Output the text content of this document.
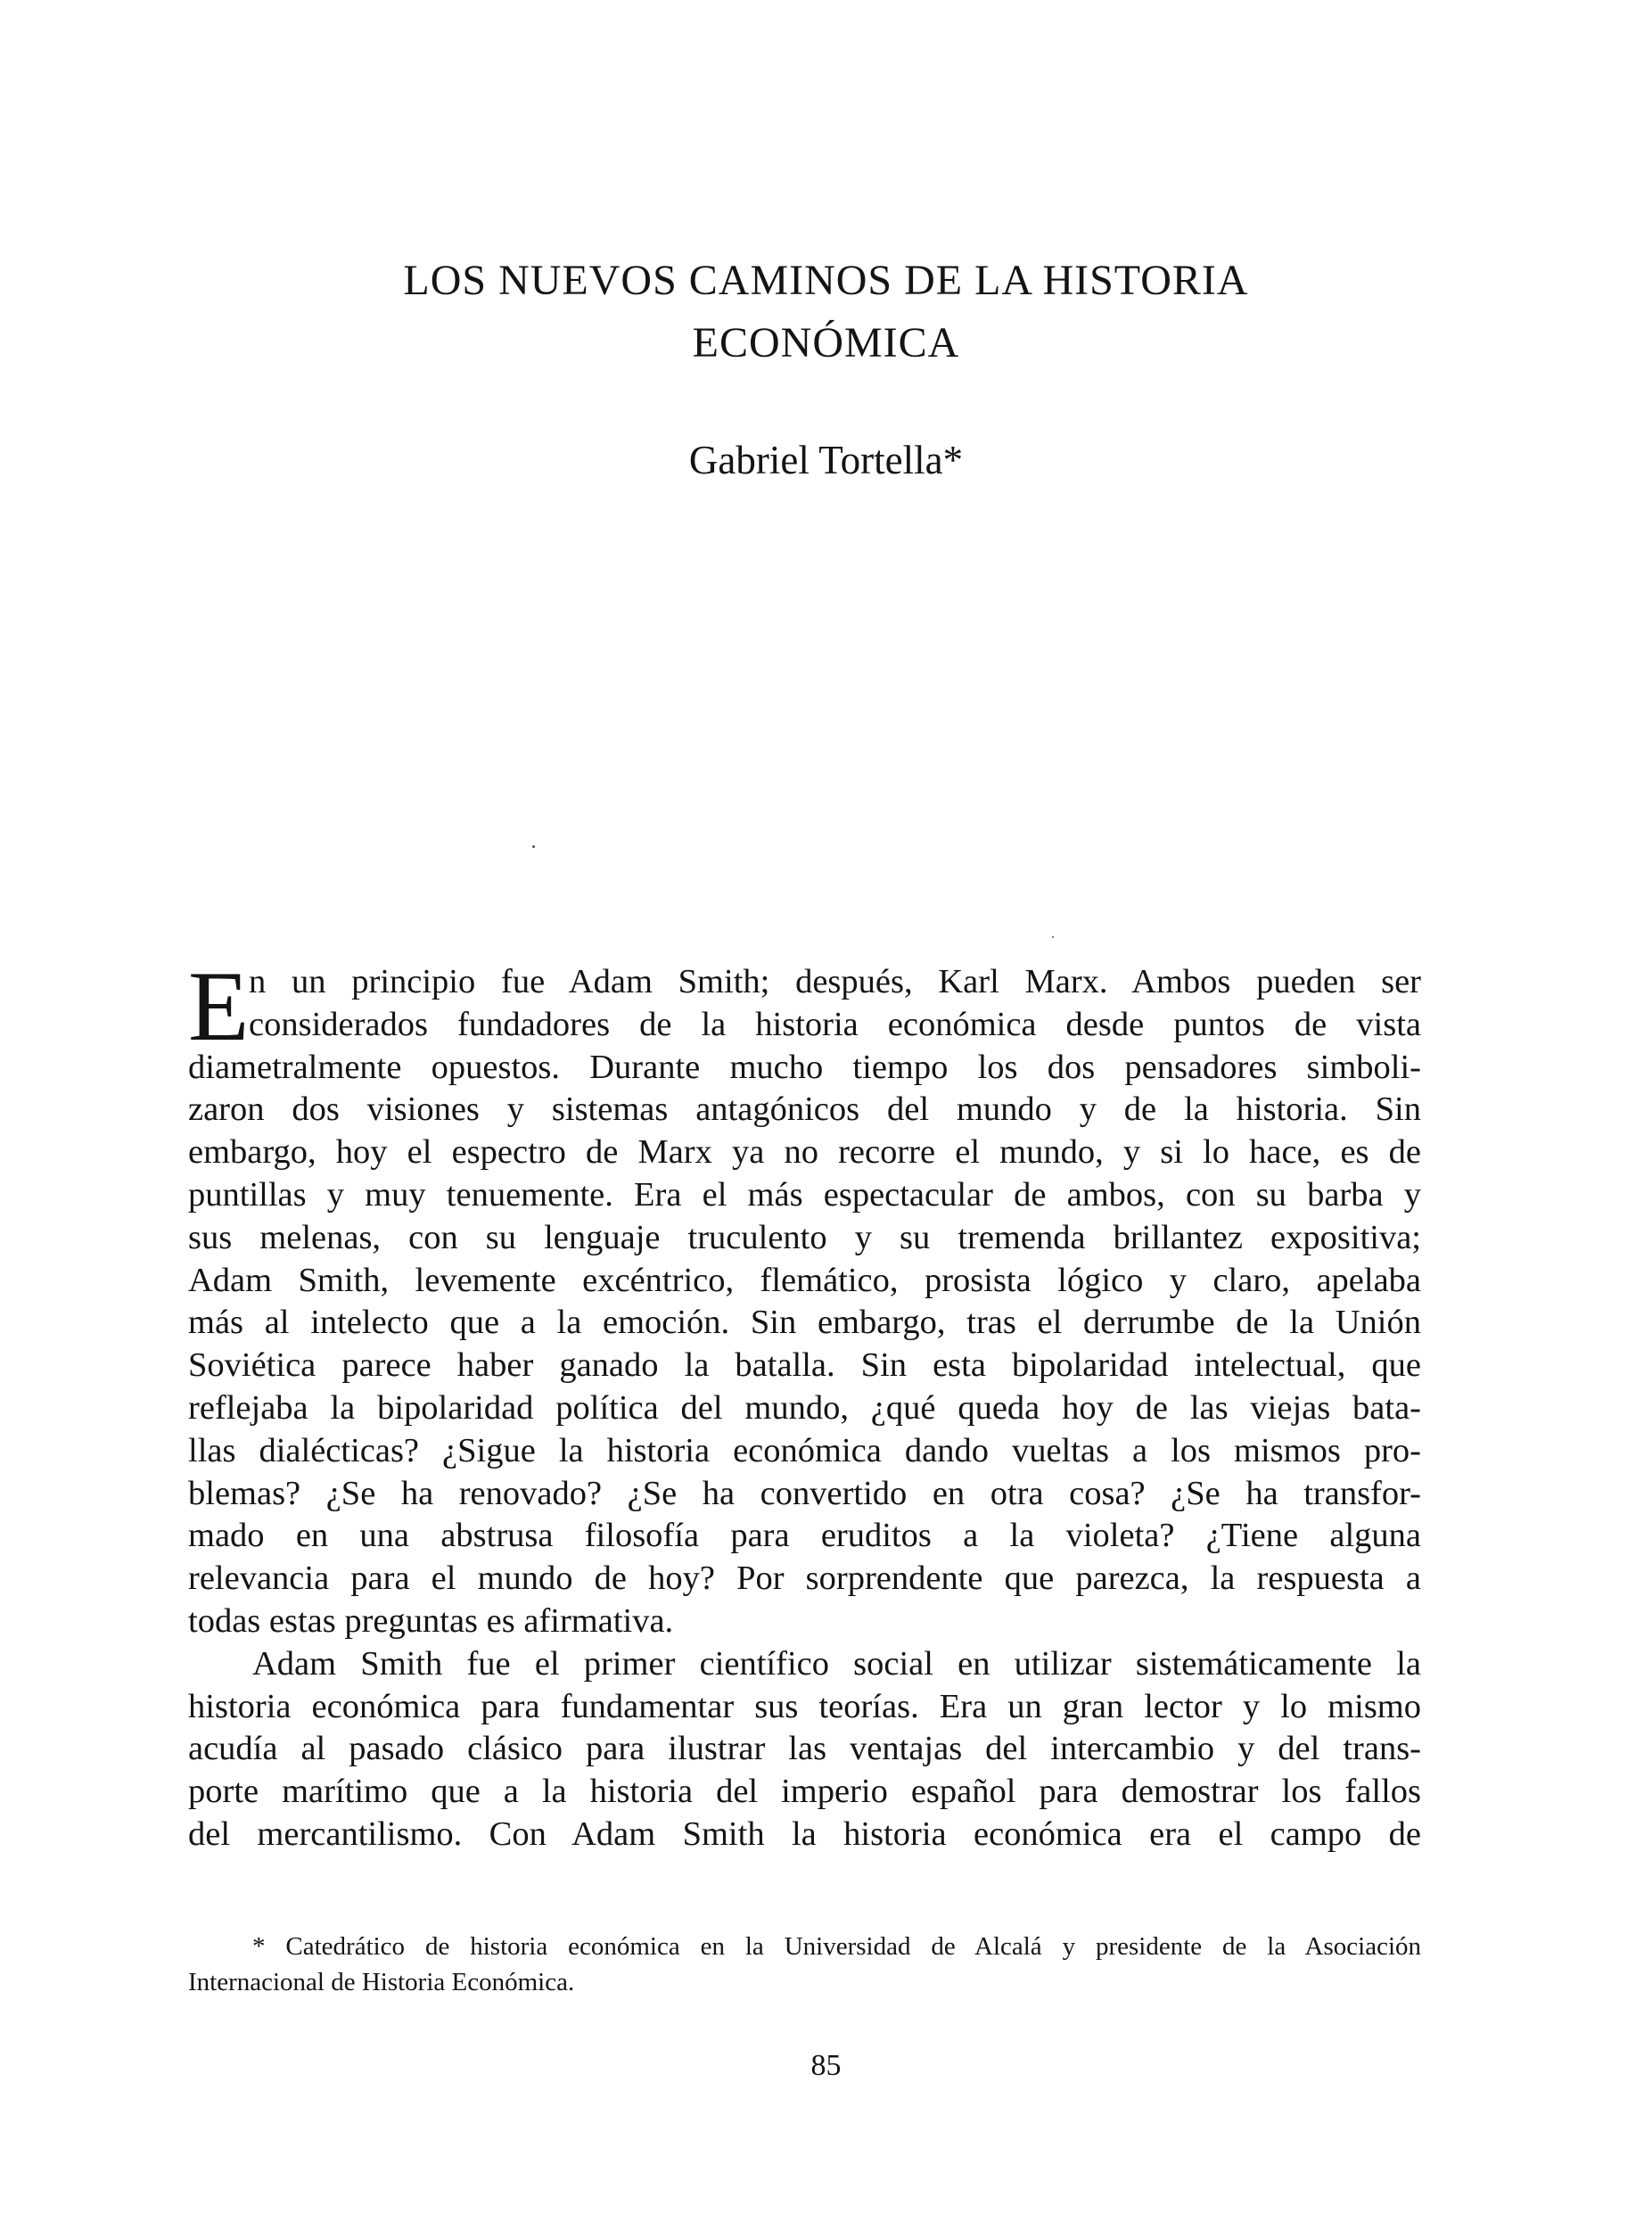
LOS NUEVOS CAMINOS DE LA HISTORIA
ECONÓMICA
Gabriel Tortella*
E n un principio fue Adam Smith; después, Karl Marx. Ambos pueden ser
considerados fundadores de la historia económica desde puntos de vista
diametralmente opuestos. Durante mucho tiempo los dos pensadores simboli-
zaron dos visiones y sistemas antagónicos del mundo y de la historia. Sin
embargo, hoy el espectro de Marx ya no recorre el mundo, y si lo hace, es de
puntillas y muy tenuemente. Era el más espectacular de ambos, con su barba y
sus melenas, con su lenguaje truculento y su tremenda brillantez expositiva;
Adam Smith, levemente excéntrico, flemático, prosista lógico y claro, apelaba
más al intelecto que a la emoción. Sin embargo, tras el derrumbe de la Unión
Soviética parece haber ganado la batalla. Sin esta bipolaridad intelectual, que
reflejaba la bipolaridad política del mundo, ¿qué queda hoy de las viejas bata-
llas dialécticas? ¿Sigue la historia económica dando vueltas a los mismos pro-
blemas? ¿Se ha renovado? ¿Se ha convertido en otra cosa? ¿Se ha transfor-
mado en una abstrusa filosofía para eruditos a la violeta? ¿Tiene alguna
relevancia para el mundo de hoy? Por sorprendente que parezca, la respuesta a
todas estas preguntas es afirmativa.
Adam Smith fue el primer científico social en utilizar sistemáticamente la
historia económica para fundamentar sus teorías. Era un gran lector y lo mismo
acudía al pasado clásico para ilustrar las ventajas del intercambio y del trans-
porte marítimo que a la historia del imperio español para demostrar los fallos
del mercantilismo. Con Adam Smith la historia económica era el campo de
* Catedrático de historia económica en la Universidad de Alcalá y presidente de la Asociación
Internacional de Historia Económica.
85
